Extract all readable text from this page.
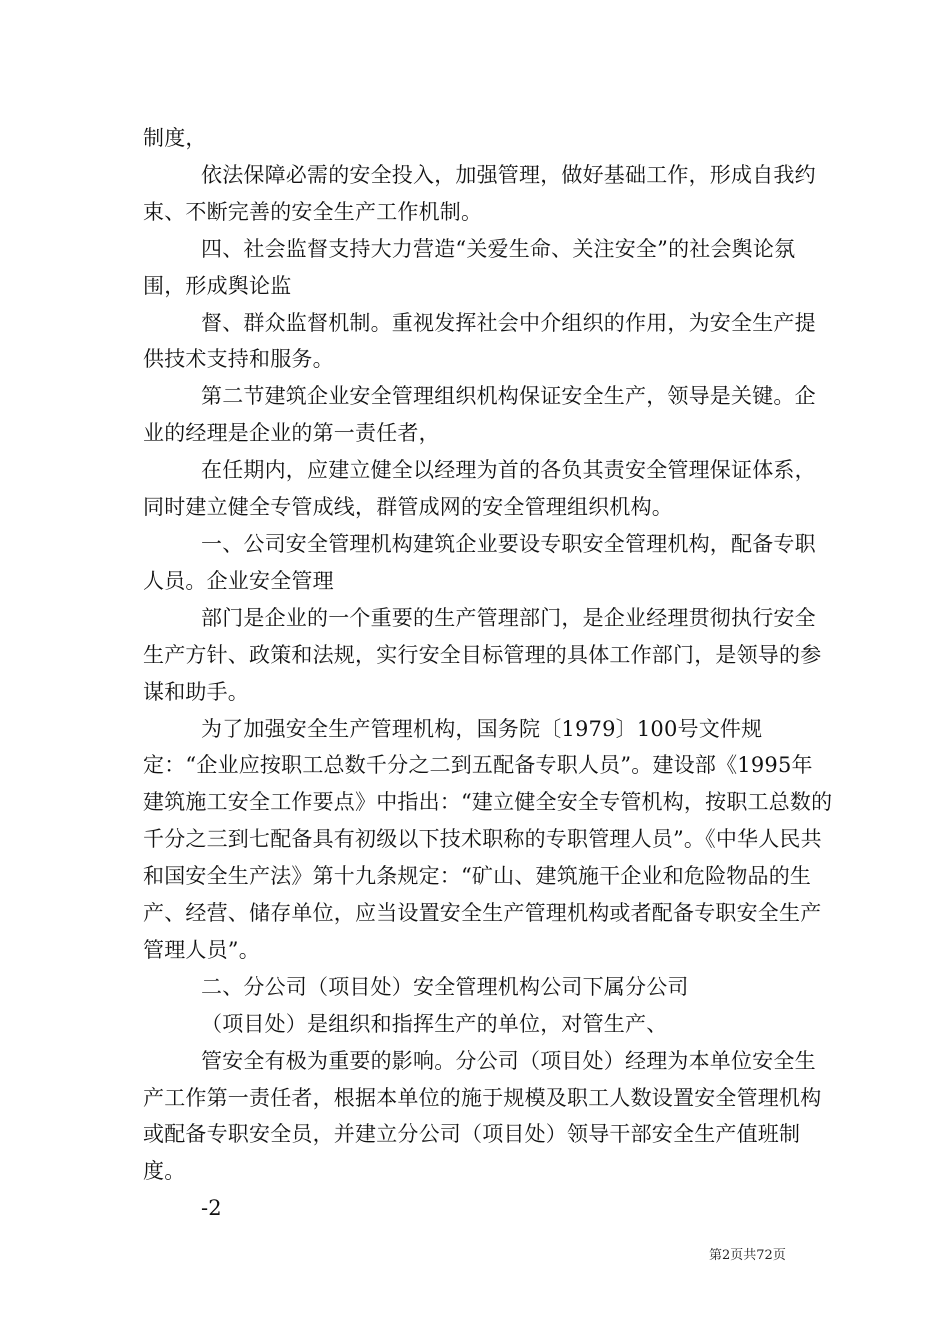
制度，

依法保障必需的安全投入，加强管理，做好基础工作，形成自我约束、不断完善的安全生产工作机制。

四、社会监督支持大力营造“关爱生命、关注安全”的社会舆论氛围，形成舆论监

督、群众监督机制。重视发挥社会中介组织的作用，为安全生产提供技术支持和服务。

第二节建筑企业安全管理组织机构保证安全生产，领导是关键。企业的经理是企业的第一责任者，

在任期内，应建立健全以经理为首的各负其责安全管理保证体系，同时建立健全专管成线，群管成网的安全管理组织机构。

一、公司安全管理机构建筑企业要设专职安全管理机构，配备专职人员。企业安全管理

部门是企业的一个重要的生产管理部门，是企业经理贯彻执行安全生产方针、政策和法规，实行安全目标管理的具体工作部门，是领导的参谋和助手。

为了加强安全生产管理机构，国务院〔1979〕100号文件规定：“企业应按职工总数千分之二到五配备专职人员”。建设部《1995年建筑施工安全工作要点》中指出：“建立健全安全专管机构，按职工总数的千分之三到七配备具有初级以下技术职称的专职管理人员”。《中华人民共和国安全生产法》第十九条规定：“矿山、建筑施干企业和危险物品的生产、经营、储存单位，应当设置安全生产管理机构或者配备专职安全生产管理人员”。

二、分公司（项目处）安全管理机构公司下属分公司

（项目处）是组织和指挥生产的单位，对管生产、

管安全有极为重要的影响。分公司（项目处）经理为本单位安全生产工作第一责任者，根据本单位的施于规模及职工人数设置安全管理机构或配备专职安全员，并建立分公司（项目处）领导干部安全生产值班制度。

-2

第2页共72页
